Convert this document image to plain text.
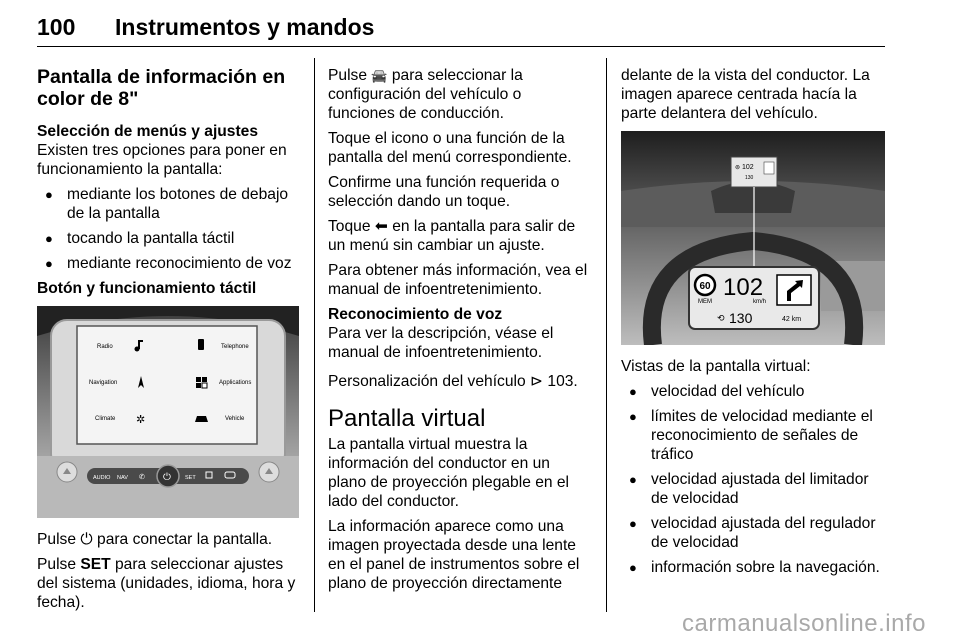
100 Instrumentos y mandos
Pantalla de información en color de 8"
Selección de menús y ajustes

Existen tres opciones para poner en funcionamiento la pantalla:

● mediante los botones de debajo de la pantalla
● tocando la pantalla táctil
● mediante reconocimiento de voz
Botón y funcionamiento táctil
Radio	Telephone
Navigation	Applications
Climate	Vehicle
✲
AUDIO NAV ✆ ⏻	SET

Pulse ⏻ para conectar la pantalla.

Pulse SET para seleccionar ajustes del sistema (unidades, idioma, hora y fecha).

Pulse 🚘 para seleccionar la configuración del vehículo o funciones de conducción.

Toque el icono o una función de la pantalla del menú correspondiente.

Confirme una función requerida o selección dando un toque.

Toque ⬅ en la pantalla para salir de un menú sin cambiar un ajuste.

Para obtener más información, vea el manual de infoentretenimiento.

Reconocimiento de voz

Para ver la descripción, véase el manual de infoentretenimiento.

Personalización del vehículo ⊳ 103.

Pantalla virtual

La pantalla virtual muestra la información del conductor en un plano de proyección plegable en el lado del conductor.

La información aparece como una imagen proyectada desde una lente en el panel de instrumentos sobre el plano de proyección directamente

delante de la vista del conductor. La imagen aparece centrada hacía la parte delantera del vehículo.

⊚ 102
130
60
MEM
102
km/h
⟲ 130	42 km

Vistas de la pantalla virtual:

● velocidad del vehículo
● límites de velocidad mediante el reconocimiento de señales de tráfico
● velocidad ajustada del limitador de velocidad
● velocidad ajustada del regulador de velocidad
● información sobre la navegación.
carmanualsonline.info
